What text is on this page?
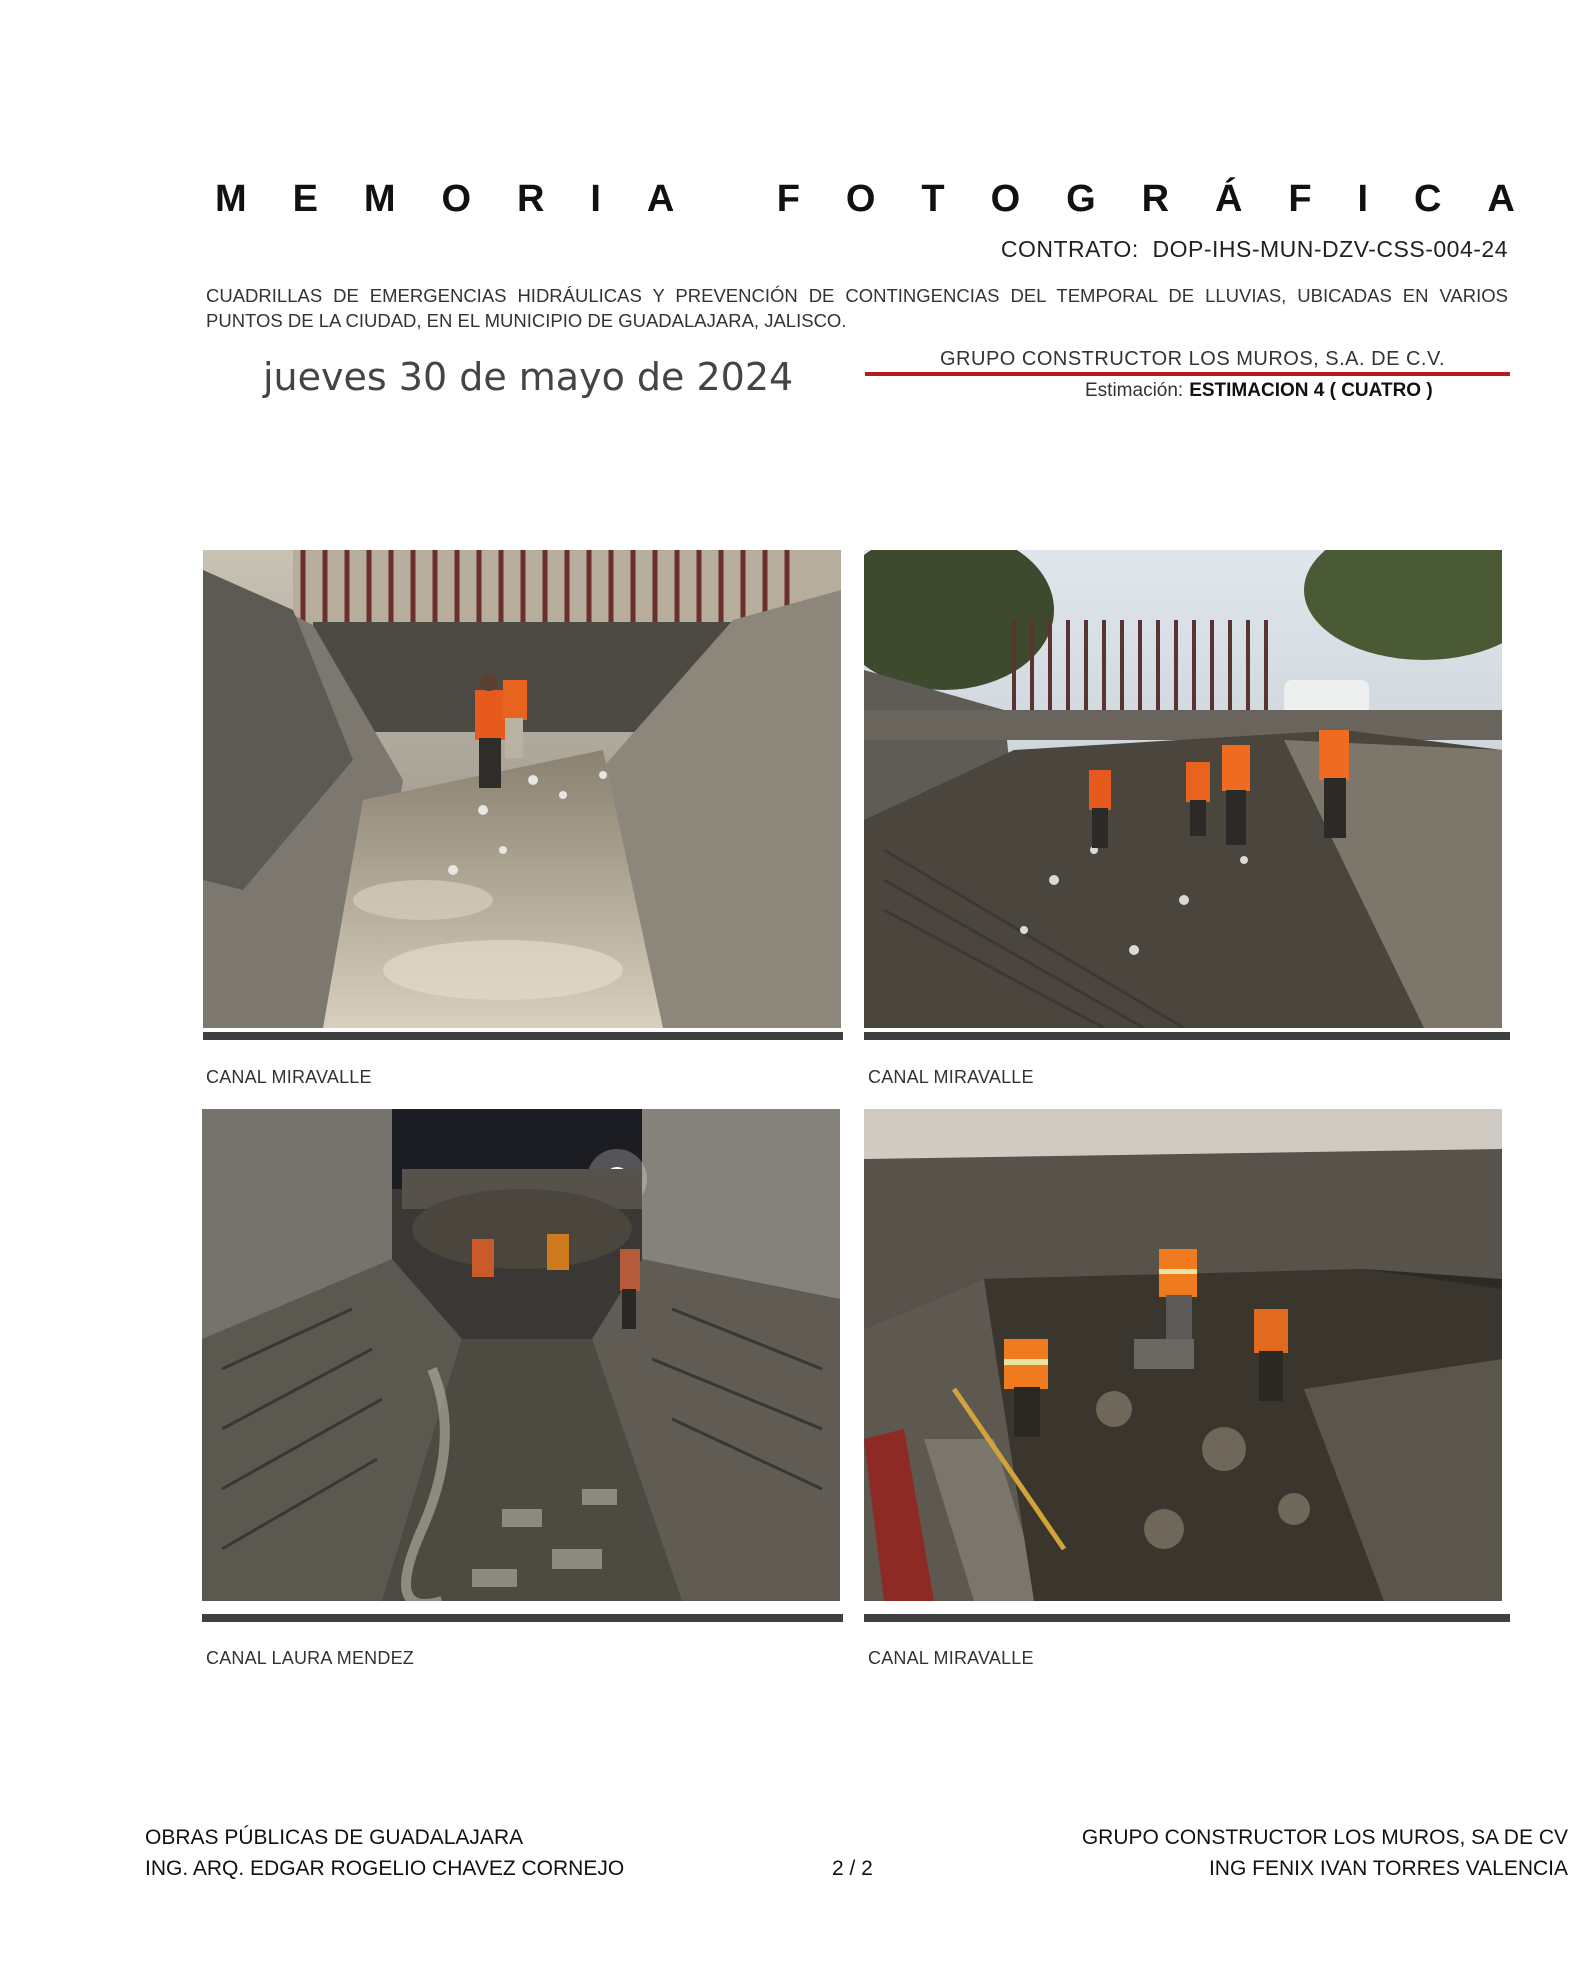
M E M O R I A
	F O T O G R Á F I C A
CONTRATO: DOP-IHS-MUN-DZV-CSS-004-24
CUADRILLAS DE EMERGENCIAS HIDRÁULICAS Y PREVENCIÓN DE CONTINGENCIAS DEL TEMPORAL DE LLUVIAS, UBICADAS EN VARIOS PUNTOS DE LA CIUDAD, EN EL MUNICIPIO DE GUADALAJARA, JALISCO.
jueves 30 de mayo de 2024	GRUPO CONSTRUCTOR LOS MUROS, S.A. DE C.V.
Estimación: ESTIMACION 4 ( CUATRO )
CANAL MIRAVALLE	CANAL MIRAVALLE
CANAL LAURA MENDEZ	CANAL MIRAVALLE
OBRAS PÚBLICAS DE GUADALAJARA
ING. ARQ. EDGAR ROGELIO CHAVEZ CORNEJO	2 / 2
GRUPO CONSTRUCTOR LOS MUROS, SA DE CV
ING FENIX IVAN TORRES VALENCIA
